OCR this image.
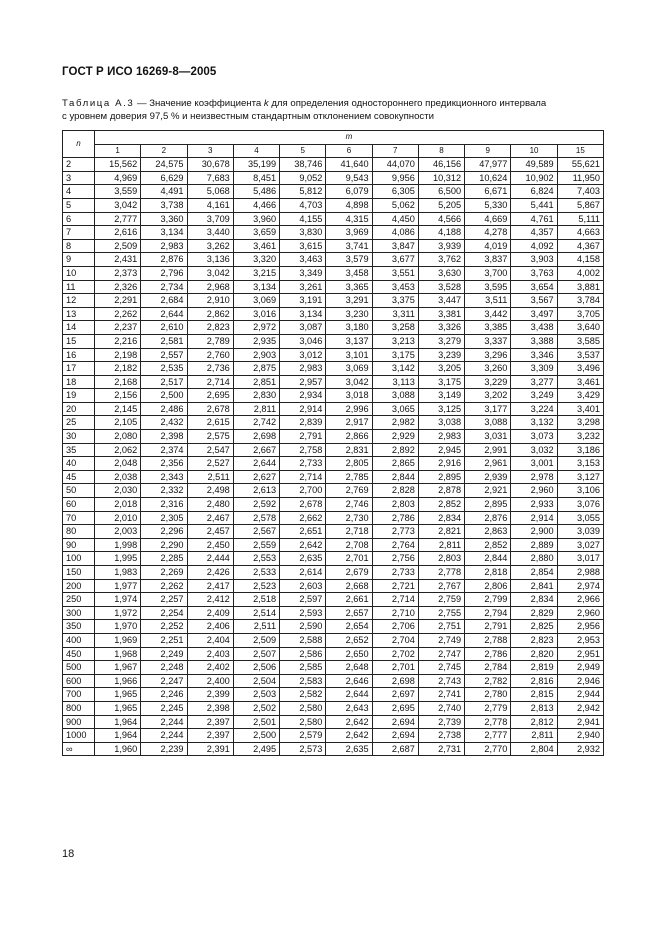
ГОСТ Р ИСО 16269-8—2005
Таблица А.3 — Значение коэффициента k для определения одностороннего предикционного интервала
с уровнем доверия 97,5 % и неизвестным стандартным отклонением совокупности
n	m										
	1	2	3	4	5	6	7	8	9	10	15
2	15,562	24,575	30,678	35,199	38,746	41,640	44,070	46,156	47,977	49,589	55,621
3	4,969	6,629	7,683	8,451	9,052	9,543	9,956	10,312	10,624	10,902	11,950
4	3,559	4,491	5,068	5,486	5,812	6,079	6,305	6,500	6,671	6,824	7,403
5	3,042	3,738	4,161	4,466	4,703	4,898	5,062	5,205	5,330	5,441	5,867
6	2,777	3,360	3,709	3,960	4,155	4,315	4,450	4,566	4,669	4,761	5,111
7	2,616	3,134	3,440	3,659	3,830	3,969	4,086	4,188	4,278	4,357	4,663
8	2,509	2,983	3,262	3,461	3,615	3,741	3,847	3,939	4,019	4,092	4,367
9	2,431	2,876	3,136	3,320	3,463	3,579	3,677	3,762	3,837	3,903	4,158
10	2,373	2,796	3,042	3,215	3,349	3,458	3,551	3,630	3,700	3,763	4,002
11	2,326	2,734	2,968	3,134	3,261	3,365	3,453	3,528	3,595	3,654	3,881
12	2,291	2,684	2,910	3,069	3,191	3,291	3,375	3,447	3,511	3,567	3,784
13	2,262	2,644	2,862	3,016	3,134	3,230	3,311	3,381	3,442	3,497	3,705
14	2,237	2,610	2,823	2,972	3,087	3,180	3,258	3,326	3,385	3,438	3,640
15	2,216	2,581	2,789	2,935	3,046	3,137	3,213	3,279	3,337	3,388	3,585
16	2,198	2,557	2,760	2,903	3,012	3,101	3,175	3,239	3,296	3,346	3,537
17	2,182	2,535	2,736	2,875	2,983	3,069	3,142	3,205	3,260	3,309	3,496
18	2,168	2,517	2,714	2,851	2,957	3,042	3,113	3,175	3,229	3,277	3,461
19	2,156	2,500	2,695	2,830	2,934	3,018	3,088	3,149	3,202	3,249	3,429
20	2,145	2,486	2,678	2,811	2,914	2,996	3,065	3,125	3,177	3,224	3,401
25	2,105	2,432	2,615	2,742	2,839	2,917	2,982	3,038	3,088	3,132	3,298
30	2,080	2,398	2,575	2,698	2,791	2,866	2,929	2,983	3,031	3,073	3,232
35	2,062	2,374	2,547	2,667	2,758	2,831	2,892	2,945	2,991	3,032	3,186
40	2,048	2,356	2,527	2,644	2,733	2,805	2,865	2,916	2,961	3,001	3,153
45	2,038	2,343	2,511	2,627	2,714	2,785	2,844	2,895	2,939	2,978	3,127
50	2,030	2,332	2,498	2,613	2,700	2,769	2,828	2,878	2,921	2,960	3,106
60	2,018	2,316	2,480	2,592	2,678	2,746	2,803	2,852	2,895	2,933	3,076
70	2,010	2,305	2,467	2,578	2,662	2,730	2,786	2,834	2,876	2,914	3,055
80	2,003	2,296	2,457	2,567	2,651	2,718	2,773	2,821	2,863	2,900	3,039
90	1,998	2,290	2,450	2,559	2,642	2,708	2,764	2,811	2,852	2,889	3,027
100	1,995	2,285	2,444	2,553	2,635	2,701	2,756	2,803	2,844	2,880	3,017
150	1,983	2,269	2,426	2,533	2,614	2,679	2,733	2,778	2,818	2,854	2,988
200	1,977	2,262	2,417	2,523	2,603	2,668	2,721	2,767	2,806	2,841	2,974
250	1,974	2,257	2,412	2,518	2,597	2,661	2,714	2,759	2,799	2,834	2,966
300	1,972	2,254	2,409	2,514	2,593	2,657	2,710	2,755	2,794	2,829	2,960
350	1,970	2,252	2,406	2,511	2,590	2,654	2,706	2,751	2,791	2,825	2,956
400	1,969	2,251	2,404	2,509	2,588	2,652	2,704	2,749	2,788	2,823	2,953
450	1,968	2,249	2,403	2,507	2,586	2,650	2,702	2,747	2,786	2,820	2,951
500	1,967	2,248	2,402	2,506	2,585	2,648	2,701	2,745	2,784	2,819	2,949
600	1,966	2,247	2,400	2,504	2,583	2,646	2,698	2,743	2,782	2,816	2,946
700	1,965	2,246	2,399	2,503	2,582	2,644	2,697	2,741	2,780	2,815	2,944
800	1,965	2,245	2,398	2,502	2,580	2,643	2,695	2,740	2,779	2,813	2,942
900	1,964	2,244	2,397	2,501	2,580	2,642	2,694	2,739	2,778	2,812	2,941
1000	1,964	2,244	2,397	2,500	2,579	2,642	2,694	2,738	2,777	2,811	2,940
∞	1,960	2,239	2,391	2,495	2,573	2,635	2,687	2,731	2,770	2,804	2,932
18
